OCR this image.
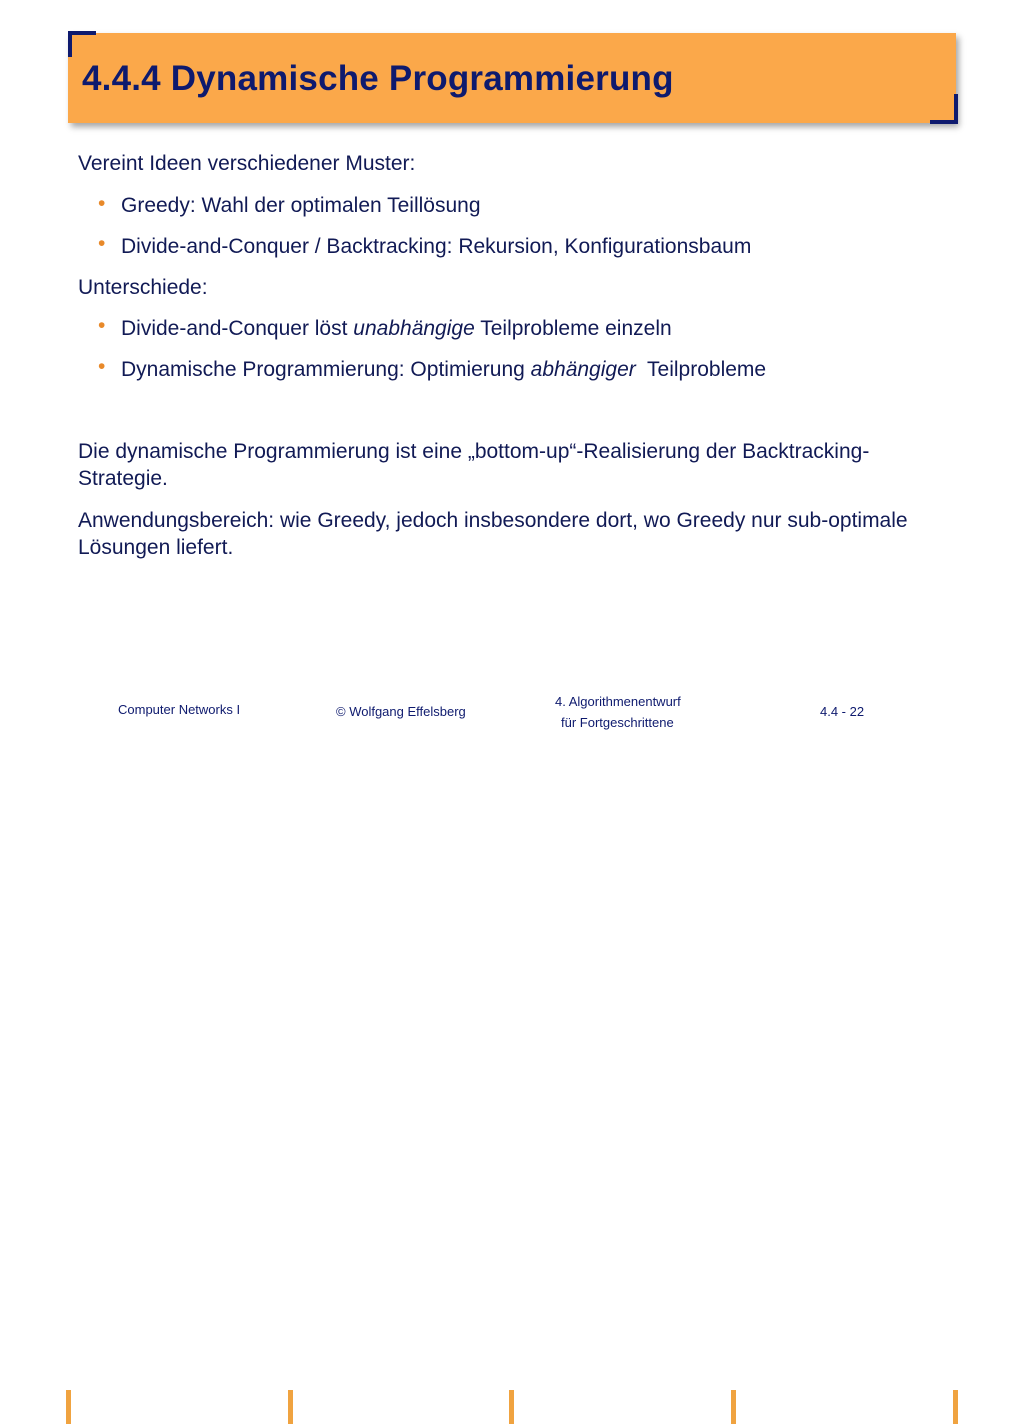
4.4.4 Dynamische Programmierung
Vereint Ideen verschiedener Muster:
• Greedy: Wahl der optimalen Teillösung
• Divide-and-Conquer / Backtracking: Rekursion, Konfigurationsbaum
Unterschiede:
• Divide-and-Conquer löst unabhängige Teilprobleme einzeln
• Dynamische Programmierung: Optimierung abhängiger  Teilprobleme
Die dynamische Programmierung ist eine „bottom-up“-Realisierung der Backtracking-Strategie.
Anwendungsbereich: wie Greedy, jedoch insbesondere dort, wo Greedy nur sub-optimale Lösungen liefert.
Computer Networks I	© Wolfgang Effelsberg
4. Algorithmenentwurf
für Fortgeschrittene
4.4 - 22
